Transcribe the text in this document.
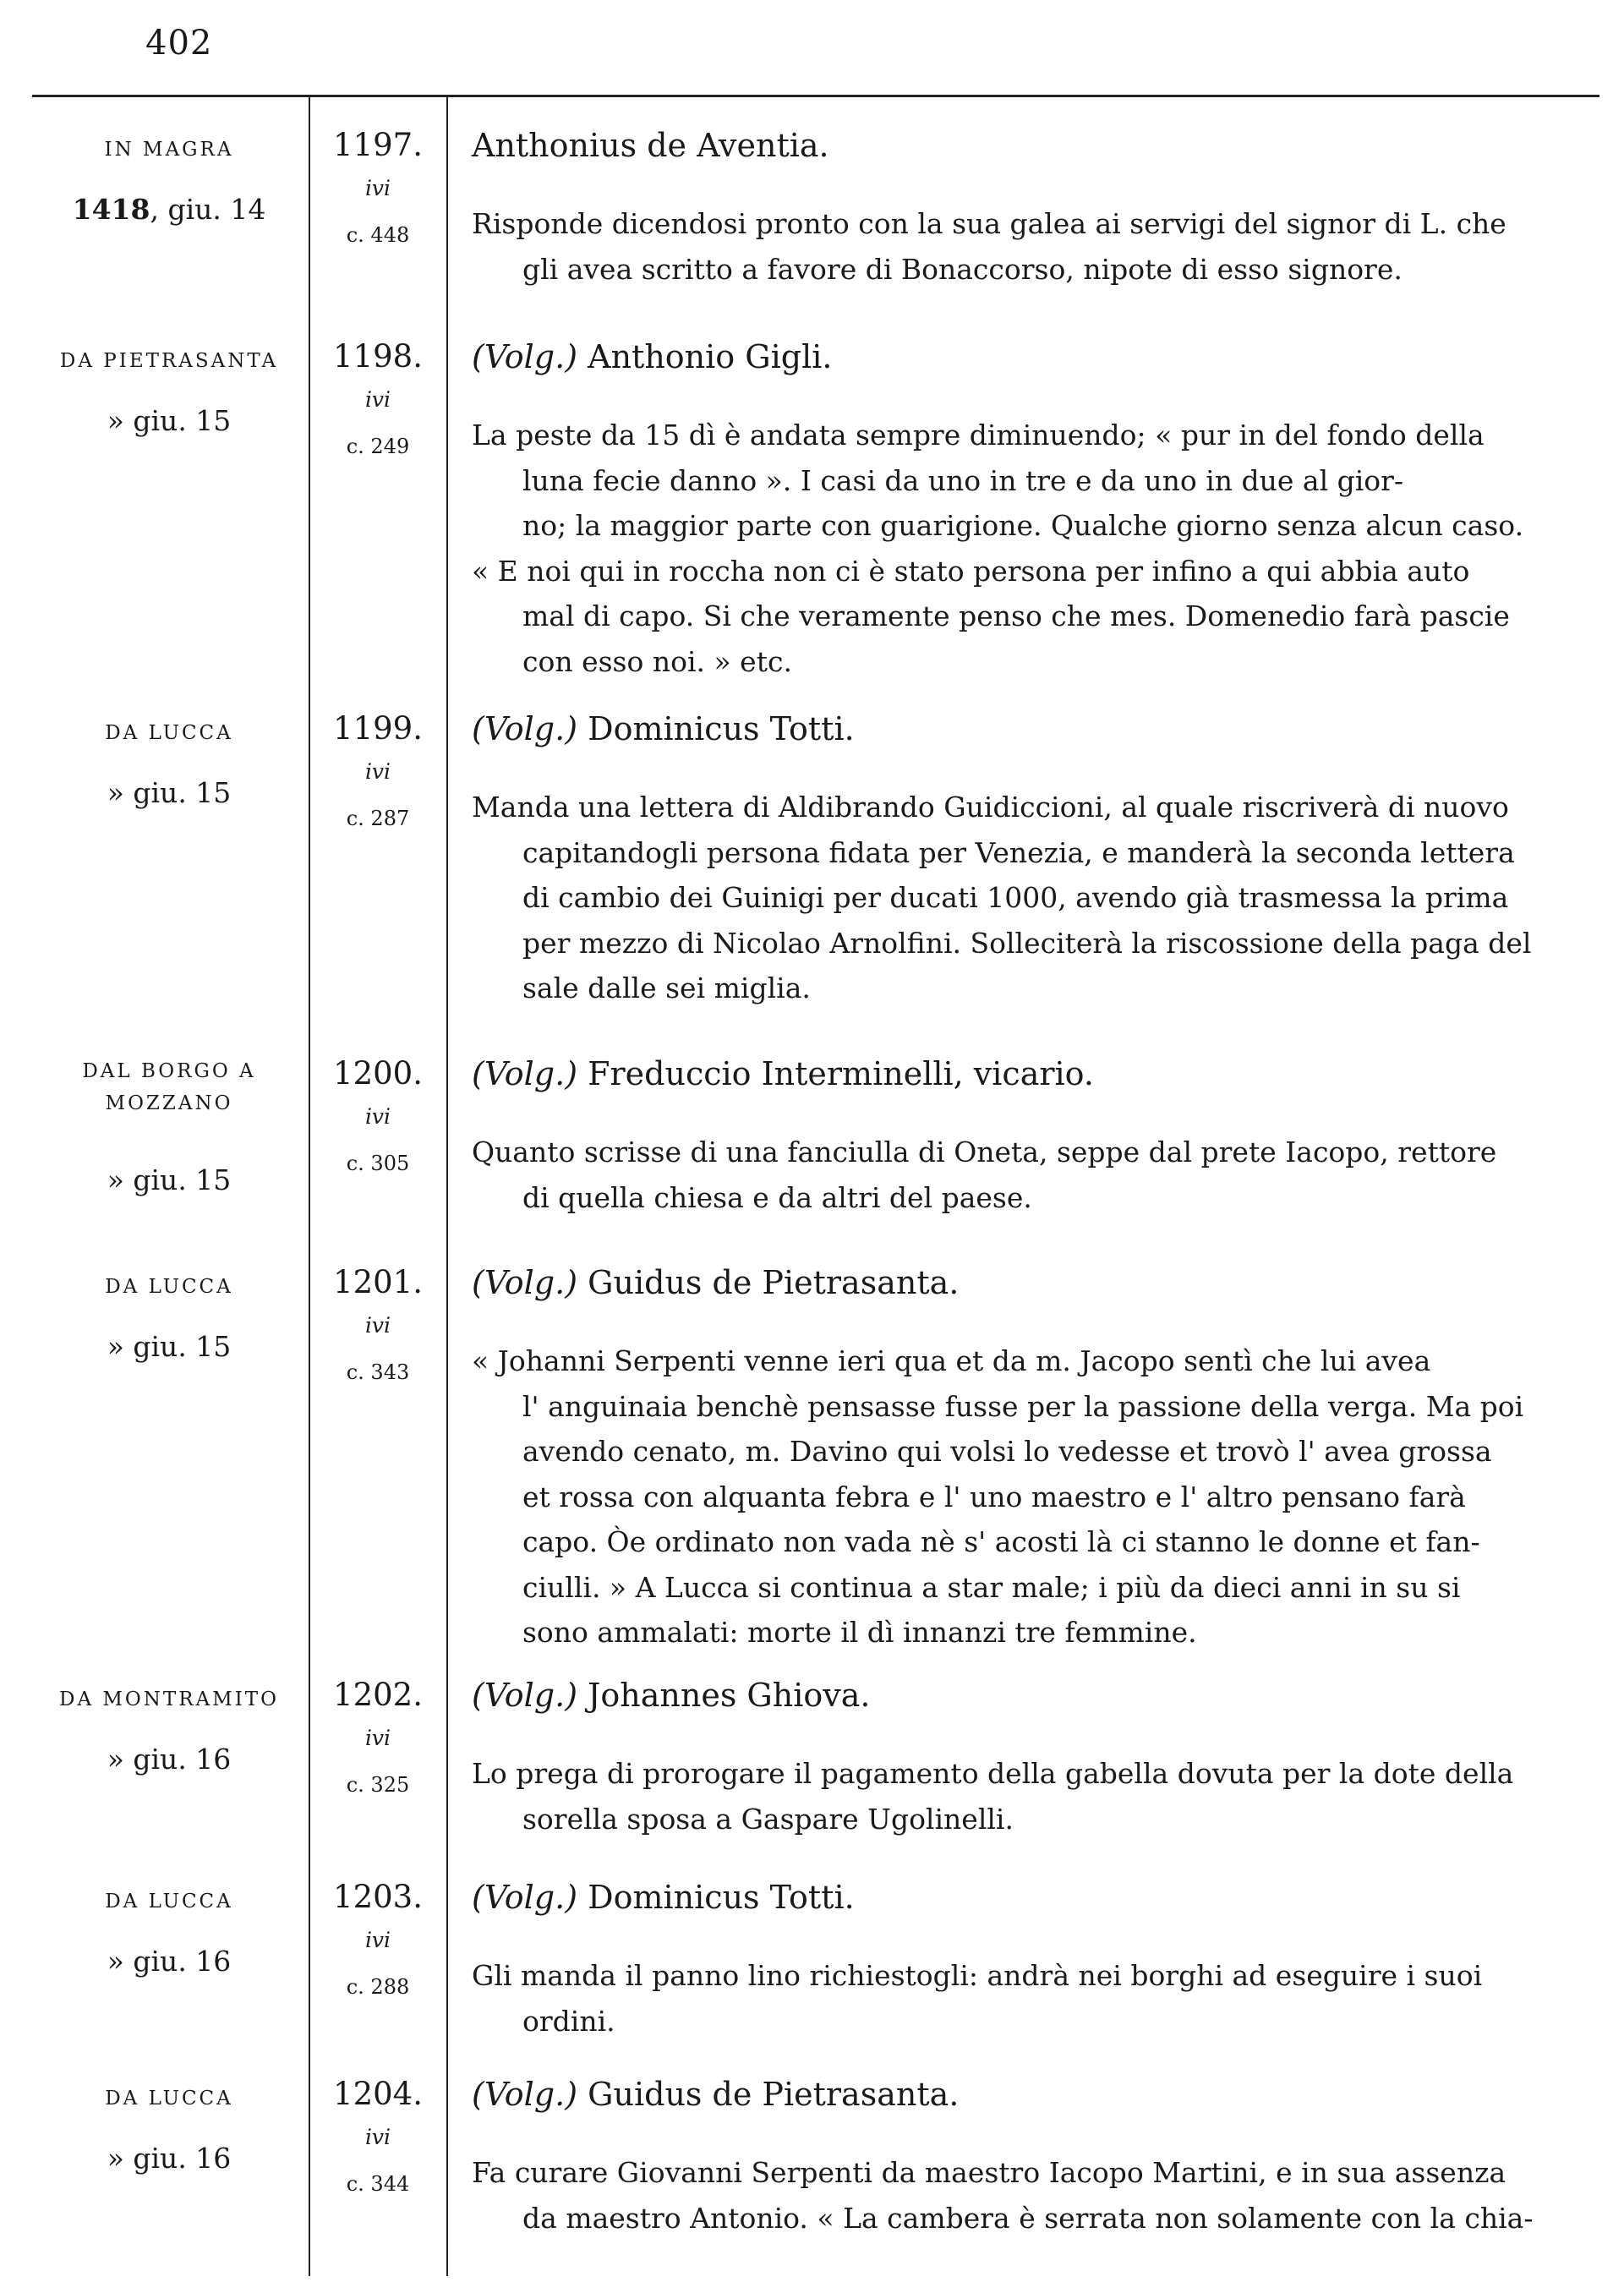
402
IN MAGRA
1418, giu. 14
1197.
ivi
c. 448
Anthonius de Aventia.
Risponde dicendosi pronto con la sua galea ai servigi del signor di L. che
gli avea scritto a favore di Bonaccorso, nipote di esso signore.
DA PIETRASANTA
» giu. 15
1198.
ivi
c. 249
(Volg.) Anthonio Gigli.
La peste da 15 dì è andata sempre diminuendo; « pur in del fondo della
luna fecie danno ». I casi da uno in tre e da uno in due al gior-
no; la maggior parte con guarigione. Qualche giorno senza alcun caso.
« E noi qui in roccha non ci è stato persona per infino a qui abbia auto
mal di capo. Si che veramente penso che mes. Domenedio farà pascie
con esso noi. » etc.
DA LUCCA
» giu. 15
1199.
ivi
c. 287
(Volg.) Dominicus Totti.
Manda una lettera di Aldibrando Guidiccioni, al quale riscriverà di nuovo
capitandogli persona fidata per Venezia, e manderà la seconda lettera
di cambio dei Guinigi per ducati 1000, avendo già trasmessa la prima
per mezzo di Nicolao Arnolfini. Solleciterà la riscossione della paga del
sale dalle sei miglia.
DAL BORGO A MOZZANO
» giu. 15
1200.
ivi
c. 305
(Volg.) Freduccio Interminelli, vicario.
Quanto scrisse di una fanciulla di Oneta, seppe dal prete Iacopo, rettore
di quella chiesa e da altri del paese.
DA LUCCA
» giu. 15
1201.
ivi
c. 343
(Volg.) Guidus de Pietrasanta.
« Johanni Serpenti venne ieri qua et da m. Jacopo sentì che lui avea
l' anguinaia benchè pensasse fusse per la passione della verga. Ma poi
avendo cenato, m. Davino qui volsi lo vedesse et trovò l' avea grossa
et rossa con alquanta febra e l' uno maestro e l' altro pensano farà
capo. Òe ordinato non vada nè s' acosti là ci stanno le donne et fan-
ciulli. » A Lucca si continua a star male; i più da dieci anni in su si
sono ammalati: morte il dì innanzi tre femmine.
DA MONTRAMITO
» giu. 16
1202.
ivi
c. 325
(Volg.) Johannes Ghiova.
Lo prega di prorogare il pagamento della gabella dovuta per la dote della
sorella sposa a Gaspare Ugolinelli.
DA LUCCA
» giu. 16
1203.
ivi
c. 288
(Volg.) Dominicus Totti.
Gli manda il panno lino richiestogli: andrà nei borghi ad eseguire i suoi
ordini.
DA LUCCA
» giu. 16
1204.
ivi
c. 344
(Volg.) Guidus de Pietrasanta.
Fa curare Giovanni Serpenti da maestro Iacopo Martini, e in sua assenza
da maestro Antonio. « La cambera è serrata non solamente con la chia-
